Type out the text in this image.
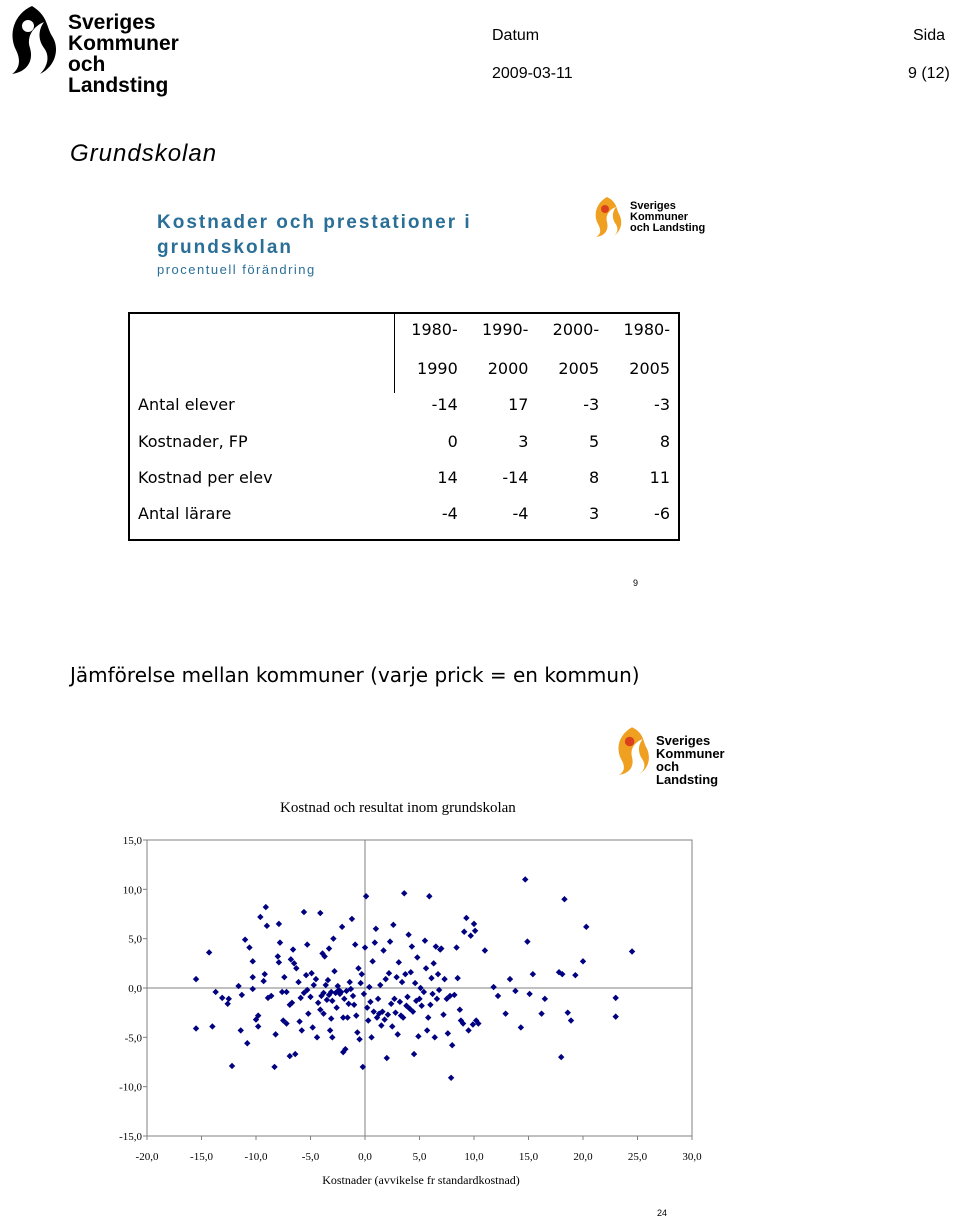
Sveriges
Kommuner
och Landsting
Datum	Sida
2009-03-11	9 (12)
Grundskolan
Kostnader och prestationer i
grundskolan
procentuell förändring
Sveriges
Kommuner
och Landsting
	1980-	1990-	2000-	1980-
	1990	2000	2005	2005
Antal elever	-14	17	-3	-3
Kostnader, FP	0	3	5	8
Kostnad per elev	14	-14	8	11
Antal lärare	-4	-4	3	-6
9
Jämförelse mellan kommuner (varje prick = en kommun)
Sveriges
Kommuner
och Landsting
Kostnad och resultat inom grundskolan
15,0
10,0
5,0
0,0
-5,0
-10,0
-15,0
-20,0	-15,0	-10,0	-5,0	0,0	5,0	10,0	15,0	20,0	25,0	30,0
Kostnader (avvikelse fr standardkostnad)
24
